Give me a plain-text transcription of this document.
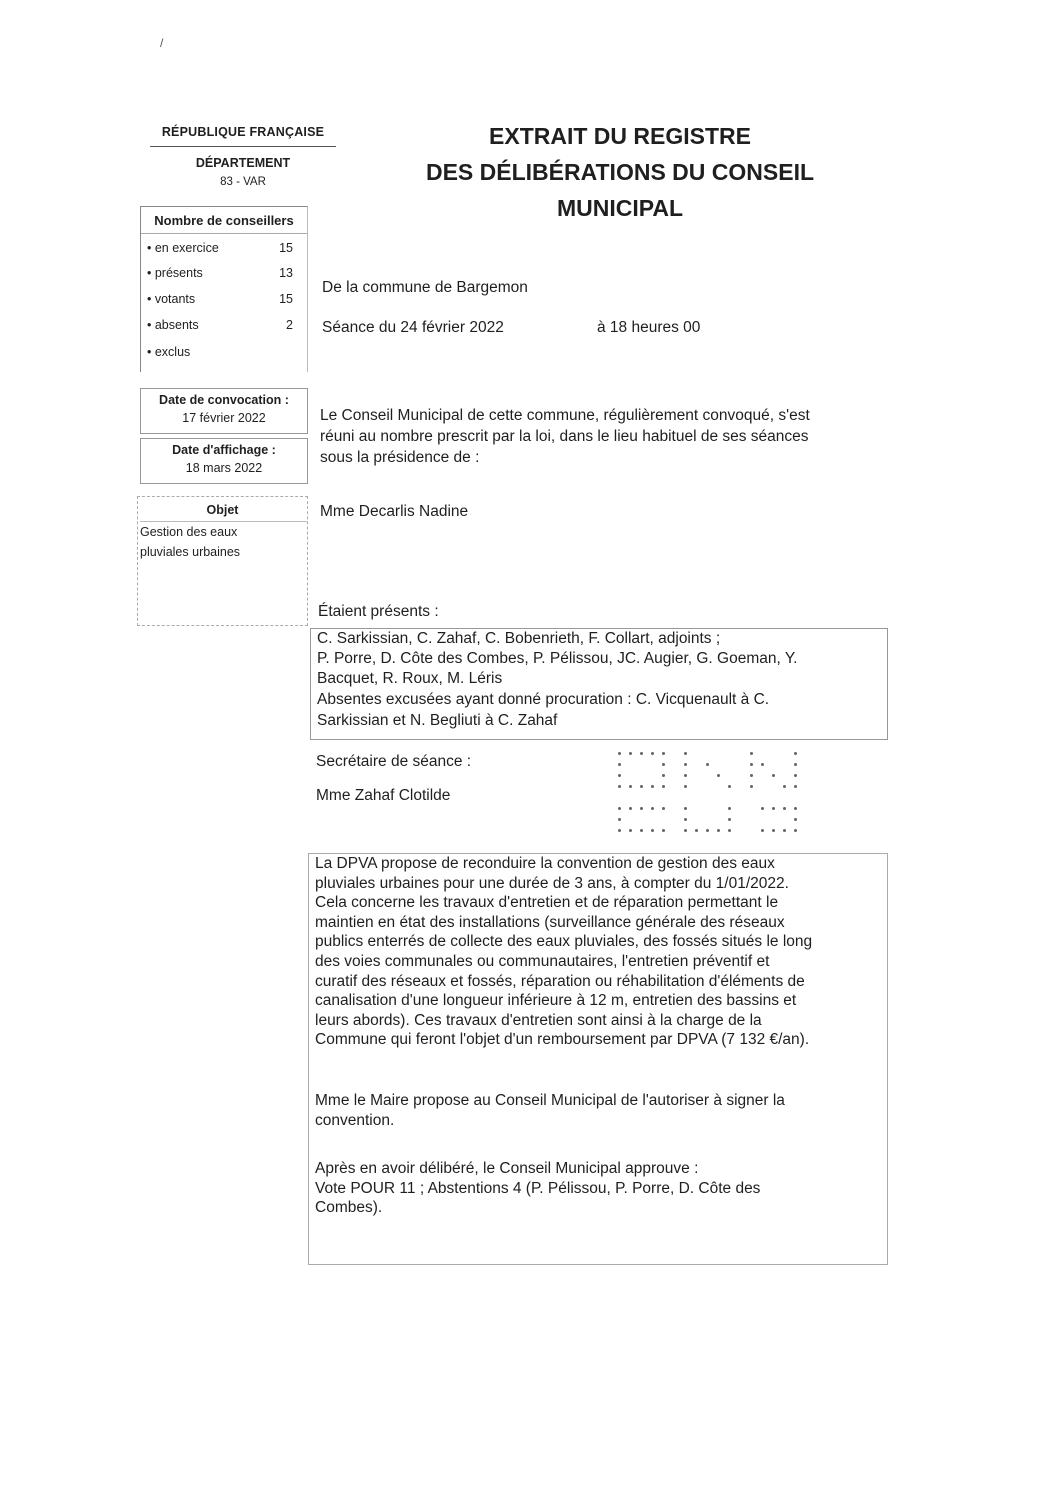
RÉPUBLIQUE FRANÇAISE
DÉPARTEMENT
83 - VAR
EXTRAIT DU REGISTRE
DES DÉLIBÉRATIONS DU CONSEIL
MUNICIPAL
Nombre de conseillers
• en exercice	15
• présents	13
• votants	15
• absents	2
• exclus
Date de convocation :
17 février 2022
Date d'affichage :
18 mars 2022
Objet
Gestion des eaux
pluviales urbaines
De la commune de Bargemon
Séance du 24 février 2022	à 18 heures 00
Le Conseil Municipal de cette commune, régulièrement convoqué, s'est
réuni au nombre prescrit par la loi, dans le lieu habituel de ses séances
sous la présidence de :
Mme Decarlis Nadine
Étaient présents :
C. Sarkissian, C. Zahaf, C. Bobenrieth, F. Collart, adjoints ;
P. Porre, D. Côte des Combes, P. Pélissou, JC. Augier, G. Goeman, Y.
Bacquet, R. Roux, M. Léris
Absentes excusées ayant donné procuration : C. Vicquenault à C.
Sarkissian et N. Begliuti à C. Zahaf
Secrétaire de séance :
Mme Zahaf Clotilde
La DPVA propose de reconduire la convention de gestion des eaux
pluviales urbaines pour une durée de 3 ans, à compter du 1/01/2022.
Cela concerne les travaux d'entretien et de réparation permettant le
maintien en état des installations (surveillance générale des réseaux
publics enterrés de collecte des eaux pluviales, des fossés situés le long
des voies communales ou communautaires, l'entretien préventif et
curatif des réseaux et fossés, réparation ou réhabilitation d'éléments de
canalisation d'une longueur inférieure à 12 m, entretien des bassins et
leurs abords). Ces travaux d'entretien sont ainsi à la charge de la
Commune qui feront l'objet d'un remboursement par DPVA (7 132 €/an).
Mme le Maire propose au Conseil Municipal de l'autoriser à signer la
convention.
Après en avoir délibéré, le Conseil Municipal approuve :
Vote POUR 11 ; Abstentions 4 (P. Pélissou, P. Porre, D. Côte des
Combes).
/
